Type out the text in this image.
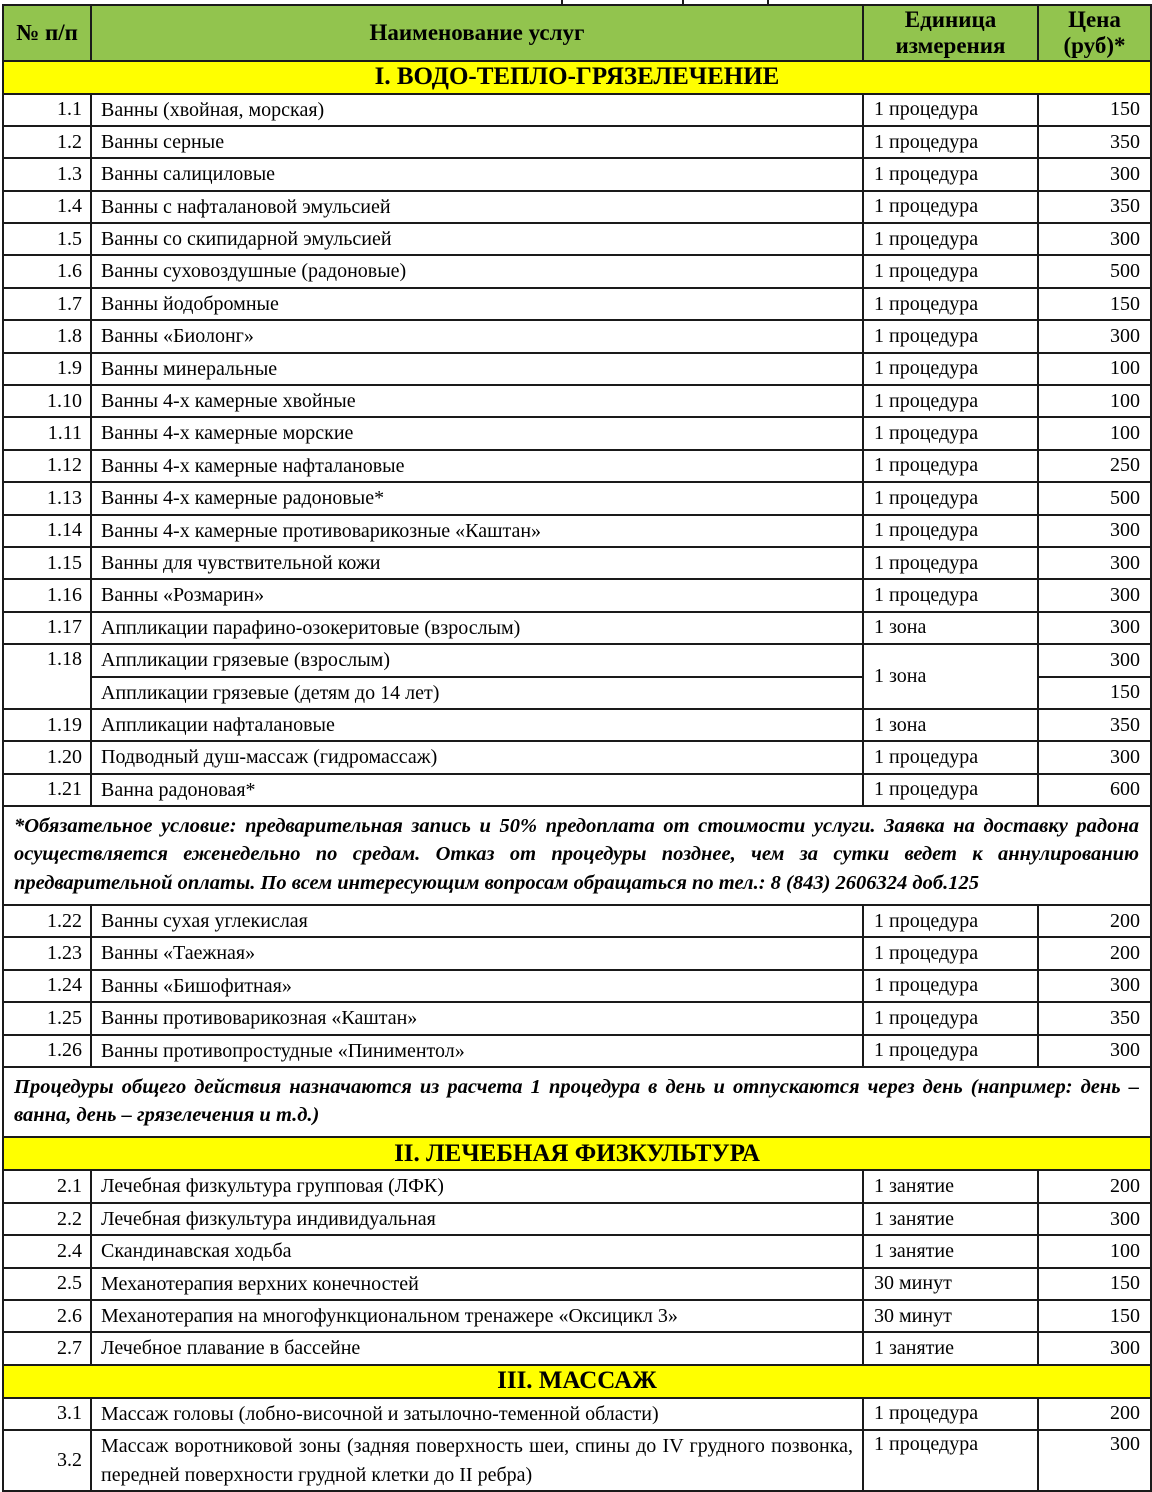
№ п/п	Наименование услуг	Единица измерения	Цена (руб)*
I. ВОДО-ТЕПЛО-ГРЯЗЕЛЕЧЕНИЕ			
1.1	Ванны (хвойная, морская)	1 процедура	150
1.2	Ванны серные	1 процедура	350
1.3	Ванны салициловые	1 процедура	300
1.4	Ванны с нафталановой эмульсией	1 процедура	350
1.5	Ванны со скипидарной эмульсией	1 процедура	300
1.6	Ванны суховоздушные (радоновые)	1 процедура	500
1.7	Ванны йодобромные	1 процедура	150
1.8	Ванны «Биолонг»	1 процедура	300
1.9	Ванны минеральные	1 процедура	100
1.10	Ванны 4-х камерные хвойные	1 процедура	100
1.11	Ванны 4-х камерные морские	1 процедура	100
1.12	Ванны 4-х камерные нафталановые	1 процедура	250
1.13	Ванны 4-х камерные радоновые*	1 процедура	500
1.14	Ванны 4-х камерные противоварикозные «Каштан»	1 процедура	300
1.15	Ванны для чувствительной кожи	1 процедура	300
1.16	Ванны «Розмарин»	1 процедура	300
1.17	Аппликации парафино-озокеритовые (взрослым)	1 зона	300
1.18	Аппликации грязевые (взрослым)	1 зона	300
	Аппликации грязевые (детям до 14 лет)		150
1.19	Аппликации нафталановые	1 зона	350
1.20	Подводный душ-массаж (гидромассаж)	1 процедура	300
1.21	Ванна радоновая*	1 процедура	600
*Обязательное условие: предварительная запись и 50% предоплата от стоимости услуги. Заявка на доставку радона осуществляется еженедельно по средам. Отказ от процедуры позднее, чем за сутки ведет к аннулированию предварительной оплаты. По всем интересующим вопросам обращаться по тел.: 8 (843) 2606324 доб.125			
1.22	Ванны сухая углекислая	1 процедура	200
1.23	Ванны «Таежная»	1 процедура	200
1.24	Ванны «Бишофитная»	1 процедура	300
1.25	Ванны противоварикозная «Каштан»	1 процедура	350
1.26	Ванны противопростудные «Пиниментол»	1 процедура	300
Процедуры общего действия назначаются из расчета 1 процедура в день и отпускаются через день (например: день – ванна, день – грязелечения и т.д.)			
II. ЛЕЧЕБНАЯ ФИЗКУЛЬТУРА			
2.1	Лечебная физкультура групповая (ЛФК)	1 занятие	200
2.2	Лечебная физкультура индивидуальная	1 занятие	300
2.4	Скандинавская ходьба	1 занятие	100
2.5	Механотерапия верхних конечностей	30 минут	150
2.6	Механотерапия на многофункциональном тренажере «Оксицикл 3»	30 минут	150
2.7	Лечебное плавание в бассейне	1 занятие	300
III. МАССАЖ			
3.1	Массаж головы (лобно-височной и затылочно-теменной области)	1 процедура	200
3.2	Массаж воротниковой зоны (задняя поверхность шеи, спины до IV грудного позвонка, передней поверхности грудной клетки до II ребра)	1 процедура	300
